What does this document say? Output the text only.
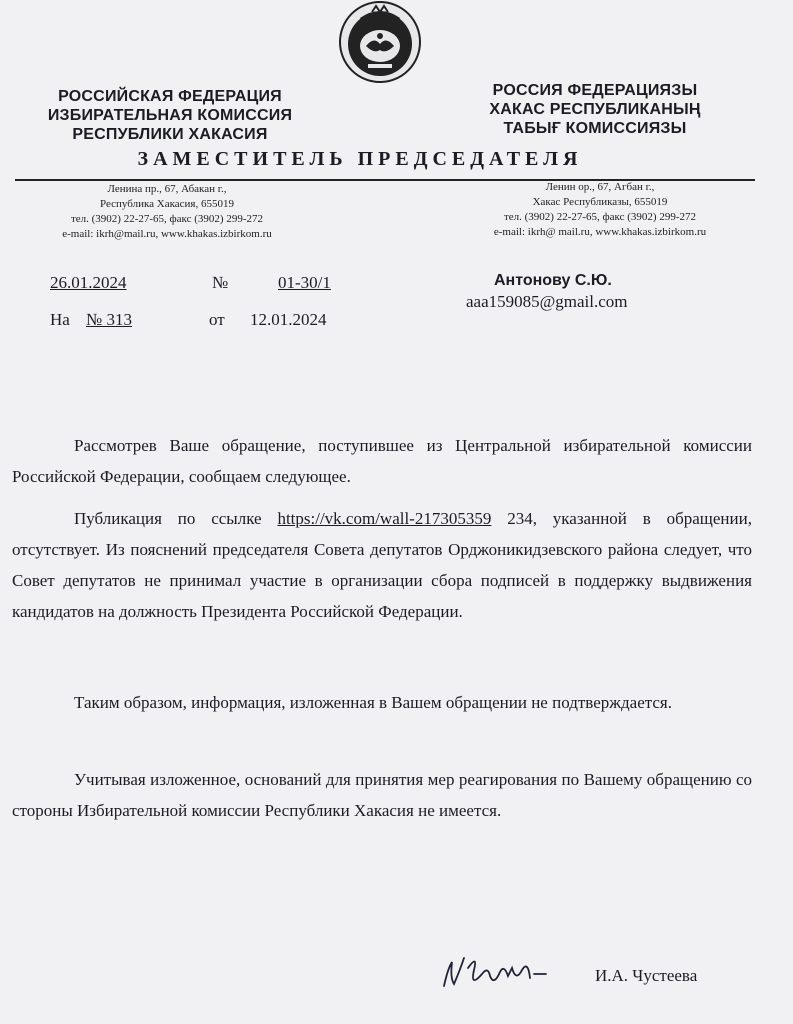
РОССИЙСКАЯ ФЕДЕРАЦИЯ
ИЗБИРАТЕЛЬНАЯ КОМИССИЯ
РЕСПУБЛИКИ ХАКАСИЯ
РОССИЯ ФЕДЕРАЦИЯЗЫ
ХАКАС РЕСПУБЛИКАНЫҢ
ТАБЫҒ КОМИССИЯЗЫ
ЗАМЕСТИТЕЛЬ ПРЕДСЕДАТЕЛЯ
Ленина пр., 67, Абакан г.,
Республика Хакасия, 655019
тел. (3902) 22-27-65, факс (3902) 299-272
e-mail: ikrh@mail.ru, www.khakas.izbirkom.ru
Ленин ор., 67, Агбан г.,
Хакас Республиказы, 655019
тел. (3902) 22-27-65, факс (3902) 299-272
e-mail: ikrh@ mail.ru, www.khakas.izbirkom.ru
26.01.2024	№	01-30/1
На № 313	от 12.01.2024
Антонову С.Ю.
aaa159085@gmail.com

Рассмотрев Ваше обращение, поступившее из Центральной избирательной комиссии Российской Федерации, сообщаем следующее.

Публикация по ссылке https://vk.com/wall-217305359 234, указанной в обращении, отсутствует. Из пояснений председателя Совета депутатов Орджоникидзевского района следует, что Совет депутатов не принимал участие в организации сбора подписей в поддержку выдвижения кандидатов на должность Президента Российской Федерации.

Таким образом, информация, изложенная в Вашем обращении не подтверждается.

Учитывая изложенное, оснований для принятия мер реагирования по Вашему обращению со стороны Избирательной комиссии Республики Хакасия не имеется.

И.А. Чустеева
